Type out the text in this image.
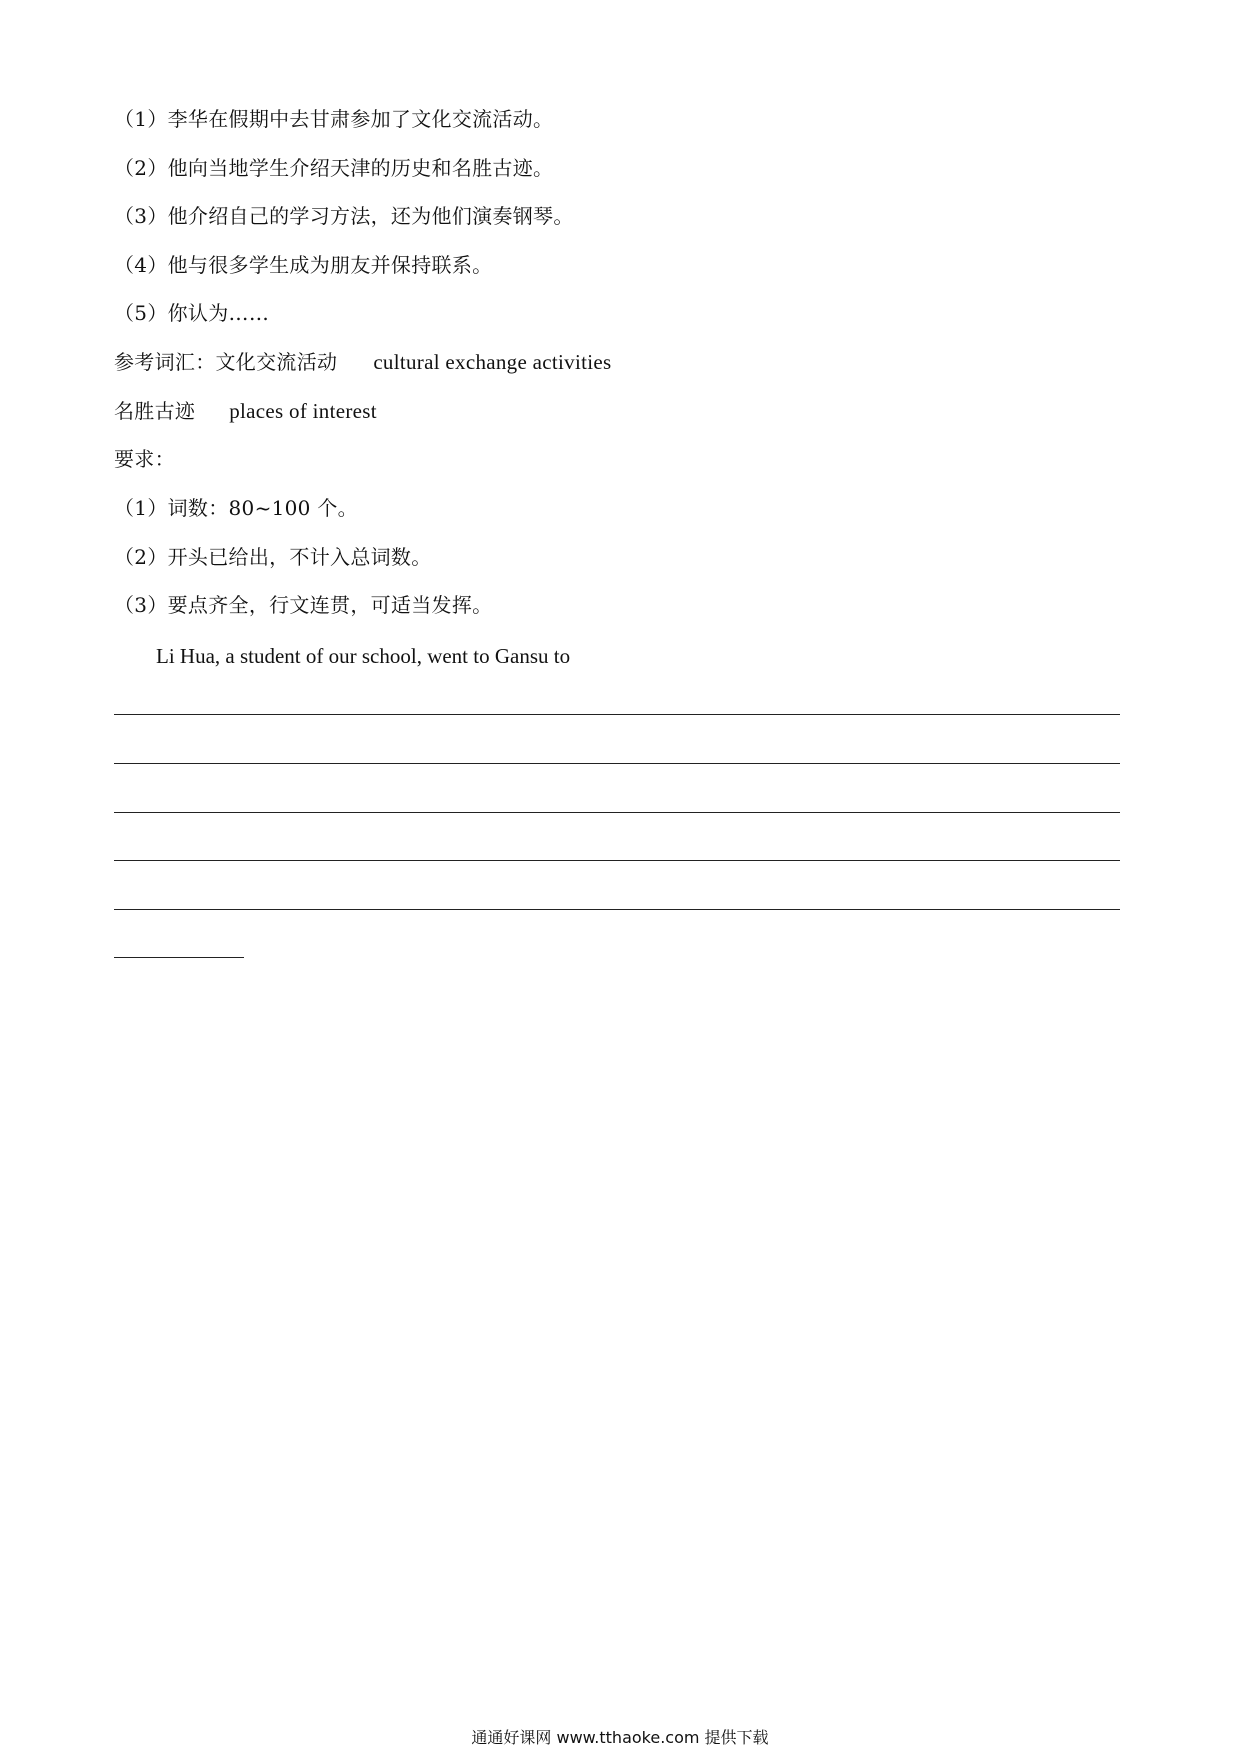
（1）李华在假期中去甘肃参加了文化交流活动。
（2）他向当地学生介绍天津的历史和名胜古迹。
（3）他介绍自己的学习方法，还为他们演奏钢琴。
（4）他与很多学生成为朋友并保持联系。
（5）你认为……
参考词汇：文化交流活动 cultural exchange activities
名胜古迹 places of interest
要求：
（1）词数：80~100 个。
（2）开头已给出，不计入总词数。
（3）要点齐全，行文连贯，可适当发挥。
Li Hua, a student of our school, went to Gansu to
通通好课网 www.tthaoke.com 提供下载
